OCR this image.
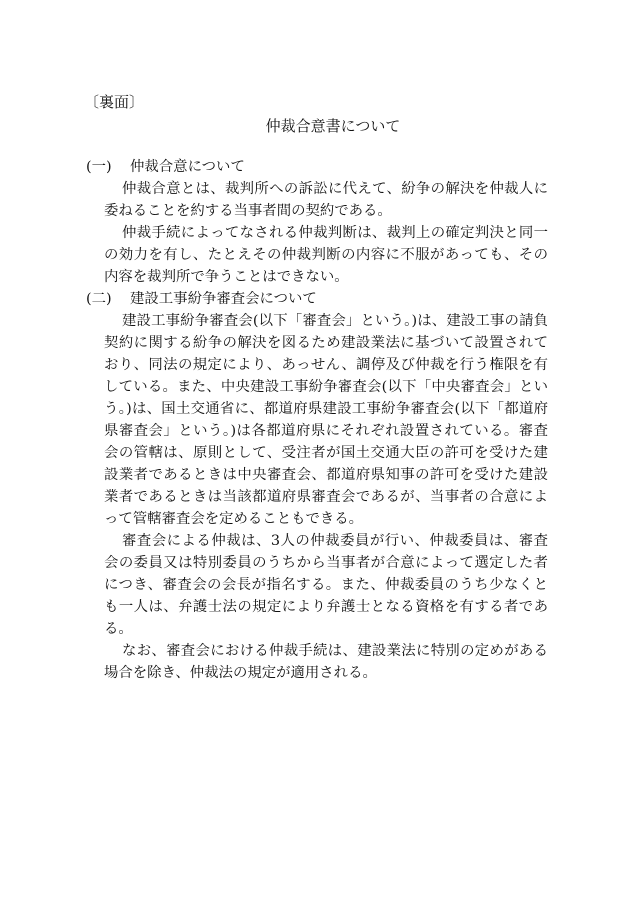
〔裏面〕
仲裁合意書について
(一) 仲裁合意について

仲裁合意とは、裁判所への訴訟に代えて、紛争の解決を仲裁人に委ねることを約する当事者間の契約である。

仲裁手続によってなされる仲裁判断は、裁判上の確定判決と同一の効力を有し、たとえその仲裁判断の内容に不服があっても、その内容を裁判所で争うことはできない。

(二) 建設工事紛争審査会について

建設工事紛争審査会(以下「審査会」という。)は、建設工事の請負契約に関する紛争の解決を図るため建設業法に基づいて設置されており、同法の規定により、あっせん、調停及び仲裁を行う権限を有している。また、中央建設工事紛争審査会(以下「中央審査会」という。)は、国土交通省に、都道府県建設工事紛争審査会(以下「都道府県審査会」という。)は各都道府県にそれぞれ設置されている。審査会の管轄は、原則として、受注者が国土交通大臣の許可を受けた建設業者であるときは中央審査会、都道府県知事の許可を受けた建設業者であるときは当該都道府県審査会であるが、当事者の合意によって管轄審査会を定めることもできる。

審査会による仲裁は、3人の仲裁委員が行い、仲裁委員は、審査会の委員又は特別委員のうちから当事者が合意によって選定した者につき、審査会の会長が指名する。また、仲裁委員のうち少なくとも一人は、弁護士法の規定により弁護士となる資格を有する者である。

なお、審査会における仲裁手続は、建設業法に特別の定めがある場合を除き、仲裁法の規定が適用される。
